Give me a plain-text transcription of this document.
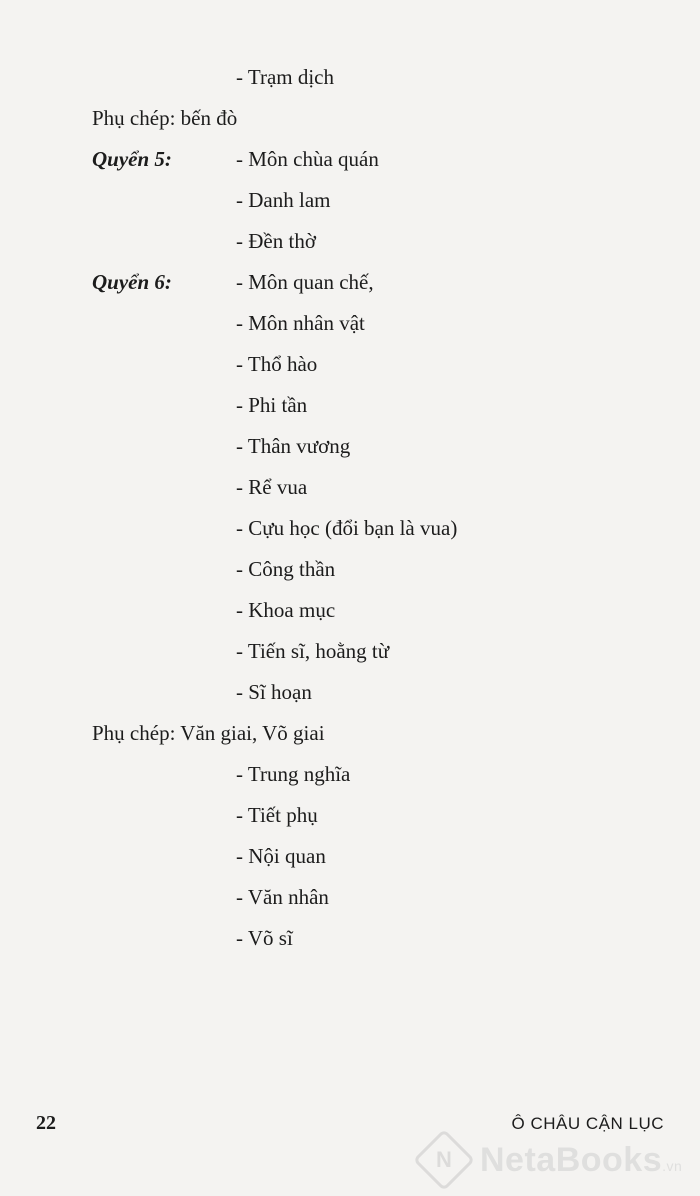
- Trạm dịch
Phụ chép: bến đò
Quyển 5:	- Môn chùa quán
- Danh lam
- Đền thờ
Quyển 6:	- Môn quan chế,
- Môn nhân vật
- Thổ hào
- Phi tần
- Thân vương
- Rể vua
- Cựu học (đổi bạn là vua)
- Công thần
- Khoa mục
- Tiến sĩ, hoằng từ
- Sĩ hoạn
Phụ chép: Văn giai, Võ giai
- Trung nghĩa
- Tiết phụ
- Nội quan
- Văn nhân
- Võ sĩ
22	Ô CHÂU CẬN LỤC
N NetaBooks.vn
